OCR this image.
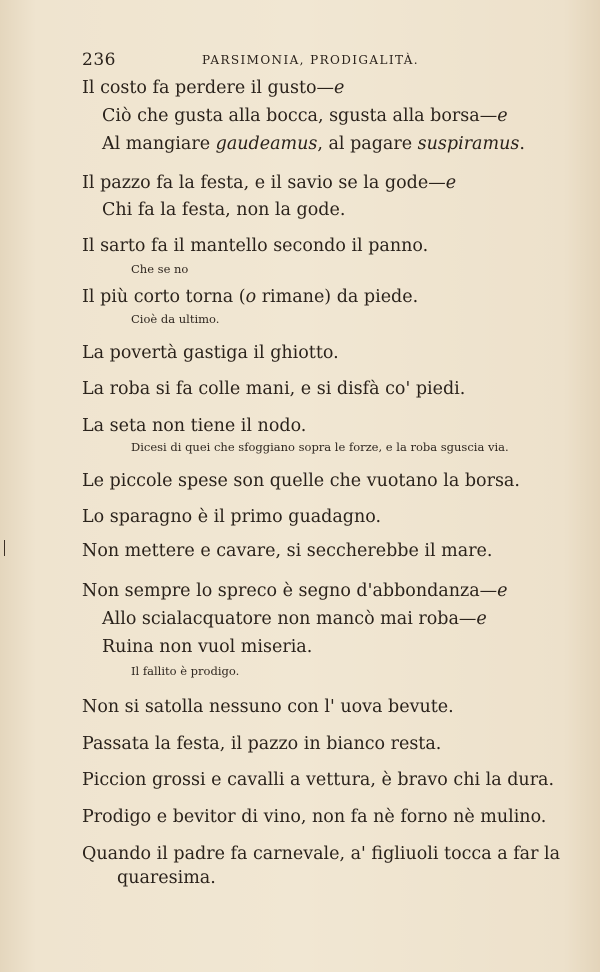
236	PARSIMONIA, PRODIGALITÀ.
Il costo fa perdere il gusto—e
Ciò che gusta alla bocca, sgusta alla borsa—e
Al mangiare gaudeamus, al pagare suspiramus.
Il pazzo fa la festa, e il savio se la gode—e
Chi fa la festa, non la gode.
Il sarto fa il mantello secondo il panno.
Che se no
Il più corto torna (o rimane) da piede.
Cioè da ultimo.
La povertà gastiga il ghiotto.
La roba si fa colle mani, e si disfà co' piedi.
La seta non tiene il nodo.
Dicesi di quei che sfoggiano sopra le forze, e la roba sguscia via.
Le piccole spese son quelle che vuotano la borsa.
Lo sparagno è il primo guadagno.
Non mettere e cavare, si seccherebbe il mare.
Non sempre lo spreco è segno d'abbondanza—e
Allo scialacquatore non mancò mai roba—e
Ruina non vuol miseria.
Il fallito è prodigo.
Non si satolla nessuno con l' uova bevute.
Passata la festa, il pazzo in bianco resta.
Piccion grossi e cavalli a vettura, è bravo chi la dura.
Prodigo e bevitor di vino, non fa nè forno nè mulino.
Quando il padre fa carnevale, a' figliuoli tocca a far la
quaresima.
